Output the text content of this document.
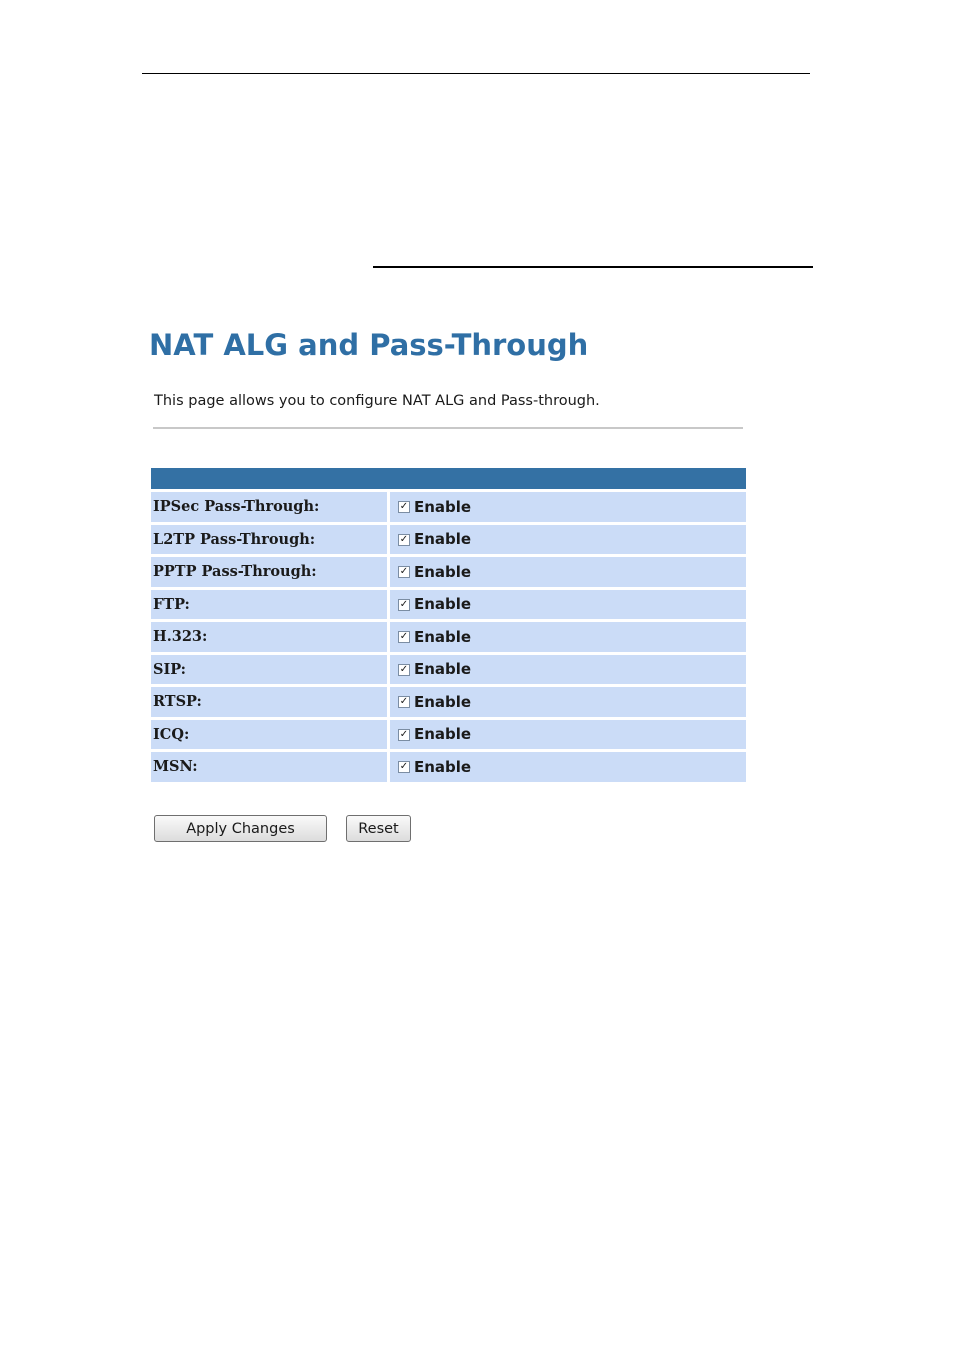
NAT ALG and Pass-Through
This page allows you to configure NAT ALG and Pass-through.
IPSec Pass-Through:	✓ Enable
L2TP Pass-Through:	✓ Enable
PPTP Pass-Through:	✓ Enable
FTP:	✓ Enable
H.323:	✓ Enable
SIP:	✓ Enable
RTSP:	✓ Enable
ICQ:	✓ Enable
MSN:	✓ Enable
Apply Changes	Reset
